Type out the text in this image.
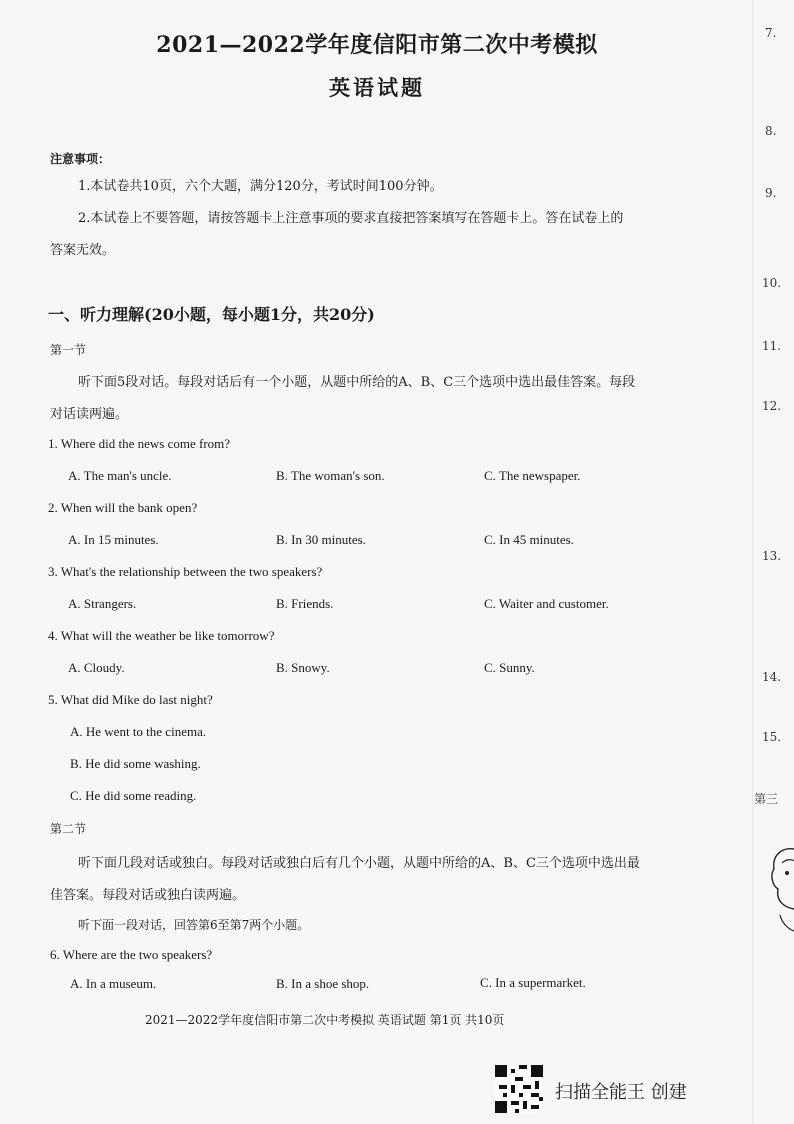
2021—2022学年度信阳市第二次中考模拟
英语试题
注意事项：
1.本试卷共10页，六个大题，满分120分，考试时间100分钟。
2.本试卷上不要答题，请按答题卡上注意事项的要求直接把答案填写在答题卡上。答在试卷上的
答案无效。
一、听力理解(20小题，每小题1分，共20分)
第一节
听下面5段对话。每段对话后有一个小题，从题中所给的A、B、C三个选项中选出最佳答案。每段
对话读两遍。
1. Where did the news come from?
A. The man's uncle.	B. The woman's son.	C. The newspaper.
2. When will the bank open?
A. In 15 minutes.	B. In 30 minutes.	C. In 45 minutes.
3. What's the relationship between the two speakers?
A. Strangers.	B. Friends.	C. Waiter and customer.
4. What will the weather be like tomorrow?
A. Cloudy.	B. Snowy.	C. Sunny.
5. What did Mike do last night?
A. He went to the cinema.
B. He did some washing.
C. He did some reading.
第二节
听下面几段对话或独白。每段对话或独白后有几个小题，从题中所给的A、B、C三个选项中选出最
佳答案。每段对话或独白读两遍。
听下面一段对话，回答第6至第7两个小题。
6. Where are the two speakers?
A. In a museum.	B. In a shoe shop.	C. In a supermarket.
2021—2022学年度信阳市第二次中考模拟 英语试题 第1页 共10页
扫描全能王 创建
7.
8.
9.
10.
11.
12.
13.
14.
15.
第三
